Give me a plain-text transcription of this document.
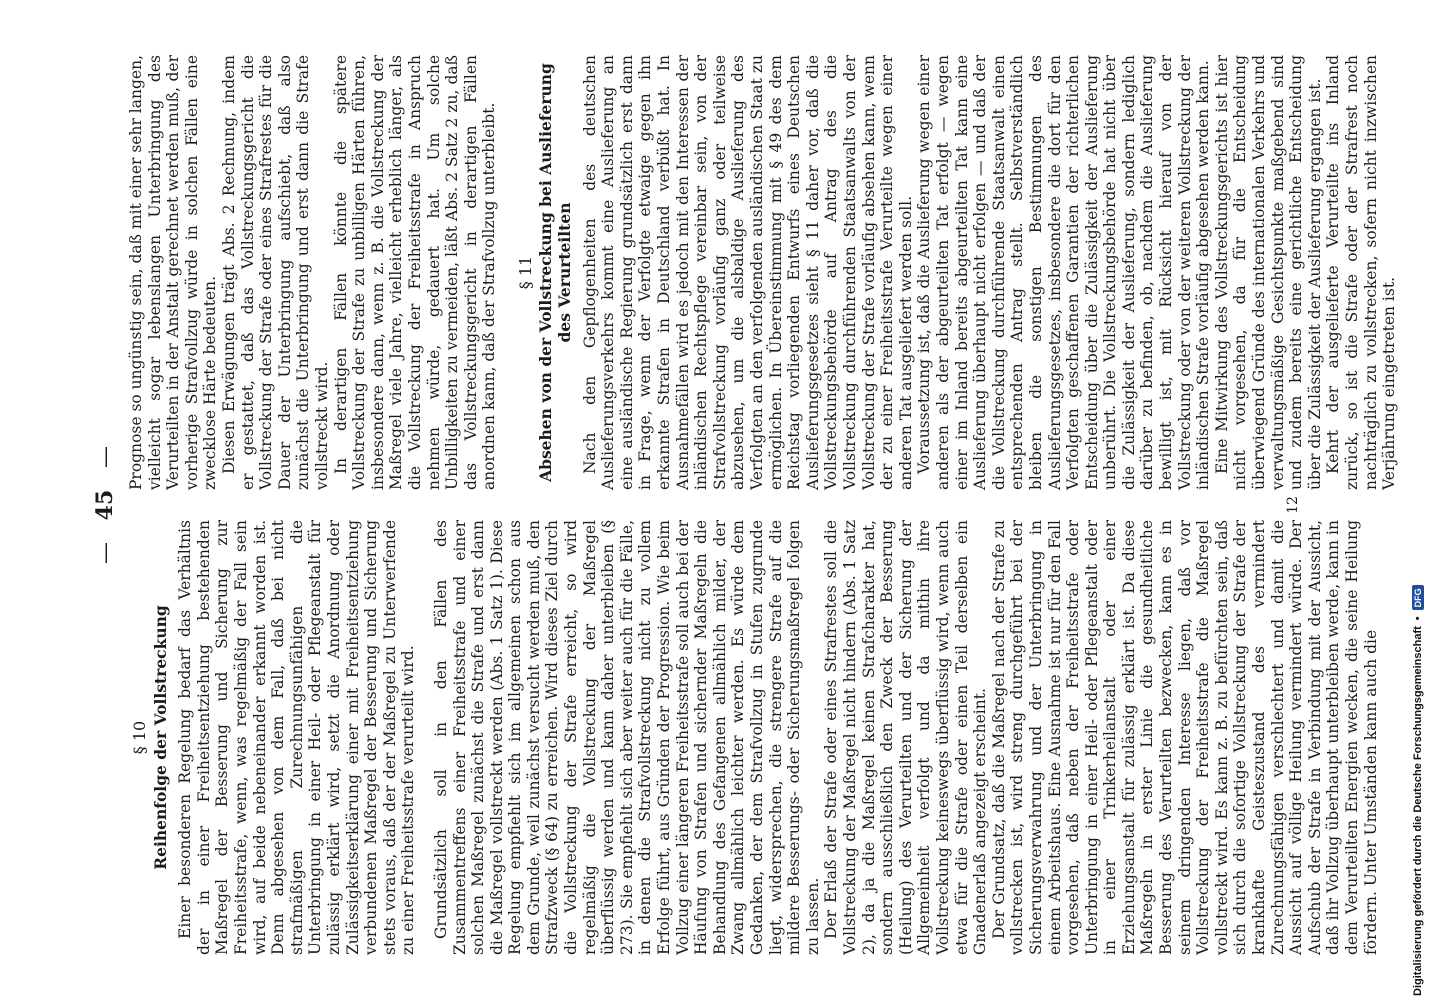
— 45 —
§ 10 Reihenfolge der Vollstreckung Einer besonderen Regelung bedarf das Verhältnis der in einer Freiheitsentziehung bestehenden Maßregel der Besserung und Sicherung zur Freiheitsstrafe, wenn, was regelmäßig der Fall sein wird, auf beide nebeneinander erkannt worden ist. Denn abgesehen von dem Fall, daß bei nicht strafmäßigen Zurechnungsunfähigen die Unterbringung in einer Heil- oder Pflegeanstalt für zulässig erklärt wird, setzt die Anordnung oder Zulässigkeitserklärung einer mit Freiheitsentziehung verbundenen Maßregel der Besserung und Sicherung stets voraus, daß der der Maßregel zu Unterwerfende zu einer Freiheitsstrafe verurteilt wird. Grundsätzlich soll in den Fällen des Zusammentreffens einer Freiheitsstrafe und einer solchen Maßregel zunächst die Strafe und erst dann die Maßregel vollstreckt werden (Abs. 1 Satz 1). Diese Regelung empfiehlt sich im allgemeinen schon aus dem Grunde, weil zunächst versucht werden muß, den Strafzweck (§ 64) zu erreichen. Wird dieses Ziel durch die Vollstreckung der Strafe erreicht, so wird regelmäßig die Vollstreckung der Maßregel überflüssig werden und kann daher unterbleiben (§ 273). Sie empfiehlt sich aber weiter auch für die Fälle, in denen die Strafvollstreckung nicht zu vollem Erfolge führt, aus Gründen der Progression. Wie beim Vollzug einer längeren Freiheitsstrafe soll auch bei der Häufung von Strafen und sichernder Maßregeln die Behandlung des Gefangenen allmählich milder, der Zwang allmählich leichter werden. Es würde dem Gedanken, der dem Strafvollzug in Stufen zugrunde liegt, widersprechen, die strengere Strafe auf die mildere Besserungs- oder Sicherungsmaßregel folgen zu lassen. Der Erlaß der Strafe oder eines Strafrestes soll die Vollstreckung der Maßregel nicht hindern (Abs. 1 Satz 2), da ja die Maßregel keinen Strafcharakter hat, sondern ausschließlich den Zweck der Besserung (Heilung) des Verurteilten und der Sicherung der Allgemeinheit verfolgt und da mithin ihre Vollstreckung keineswegs überflüssig wird, wenn auch etwa für die Strafe oder einen Teil derselben ein Gnadenerlaß angezeigt erscheint. Der Grundsatz, daß die Maßregel nach der Strafe zu vollstrecken ist, wird streng durchgeführt bei der Sicherungsverwahrung und der Unterbringung in einem Arbeitshaus. Eine Ausnahme ist nur für den Fall vorgesehen, daß neben der Freiheitsstrafe oder Unterbringung in einer Heil- oder Pflegeanstalt oder in einer Trinkerheilanstalt oder einer Erziehungsanstalt für zulässig erklärt ist. Da diese Maßregeln in erster Linie die gesundheitliche Besserung des Verurteilten bezwecken, kann es in seinem dringenden Interesse liegen, daß vor Vollstreckung der Freiheitsstrafe die Maßregel vollstreckt wird. Es kann z. B. zu befürchten sein, daß sich durch die sofortige Vollstreckung der Strafe der krankhafte Geisteszustand des vermindert Zurechnungsfähigen verschlechtert und damit die Aussicht auf völlige Heilung vermindert würde. Der Aufschub der Strafe in Verbindung mit der Aussicht, daß ihr Vollzug überhaupt unterbleiben werde, kann in dem Verurteilten Energien wecken, die seine Heilung fördern. Unter Umständen kann auch die

Prognose so ungünstig sein, daß mit einer sehr langen, vielleicht sogar lebenslangen Unterbringung des Verurteilten in der Anstalt gerechnet werden muß, der vorherige Strafvollzug würde in solchen Fällen eine zwecklose Härte bedeuten. Diesen Erwägungen trägt Abs. 2 Rechnung, indem er gestattet, daß das Vollstreckungsgericht die Vollstreckung der Strafe oder eines Strafrestes für die Dauer der Unterbringung aufschiebt, daß also zunächst die Unterbringung und erst dann die Strafe vollstreckt wird. In derartigen Fällen könnte die spätere Vollstreckung der Strafe zu unbilligen Härten führen, insbesondere dann, wenn z. B. die Vollstreckung der Maßregel viele Jahre, vielleicht erheblich länger, als die Vollstreckung der Freiheitsstrafe in Anspruch nehmen würde, gedauert hat. Um solche Unbilligkeiten zu vermeiden, läßt Abs. 2 Satz 2 zu, daß das Vollstreckungsgericht in derartigen Fällen anordnen kann, daß der Strafvollzug unterbleibt. § 11 Absehen von der Vollstreckung bei Auslieferung des Verurteilten Nach den Gepflogenheiten des deutschen Auslieferungsverkehrs kommt eine Auslieferung an eine ausländische Regierung grundsätzlich erst dann in Frage, wenn der Verfolgte etwaige gegen ihn erkannte Strafen in Deutschland verbüßt hat. In Ausnahmefällen wird es jedoch mit den Interessen der inländischen Rechtspflege vereinbar sein, von der Strafvollstreckung vorläufig ganz oder teilweise abzusehen, um die alsbaldige Auslieferung des Verfolgten an den verfolgenden ausländischen Staat zu ermöglichen. In Übereinstimmung mit § 49 des dem Reichstag vorliegenden Entwurfs eines Deutschen Auslieferungsgesetzes sieht § 11 daher vor, daß die Vollstreckungsbehörde auf Antrag des die Vollstreckung durchführenden Staatsanwalts von der Vollstreckung der Strafe vorläufig absehen kann, wenn der zu einer Freiheitsstrafe Verurteilte wegen einer anderen Tat ausgeliefert werden soll. Voraussetzung ist, daß die Auslieferung wegen einer anderen als der abgeurteilten Tat erfolgt — wegen einer im Inland bereits abgeurteilten Tat kann eine Auslieferung überhaupt nicht erfolgen — und daß der die Vollstreckung durchführende Staatsanwalt einen entsprechenden Antrag stellt. Selbstverständlich bleiben die sonstigen Bestimmungen des Auslieferungsgesetzes, insbesondere die dort für den Verfolgten geschaffenen Garantien der richterlichen Entscheidung über die Zulässigkeit der Auslieferung unberührt. Die Vollstreckungsbehörde hat nicht über die Zulässigkeit der Auslieferung, sondern lediglich darüber zu befinden, ob, nachdem die Auslieferung bewilligt ist, mit Rücksicht hierauf von der Vollstreckung oder von der weiteren Vollstreckung der inländischen Strafe vorläufig abgesehen werden kann. Eine Mitwirkung des Vollstreckungsgerichts ist hier nicht vorgesehen, da für die Entscheidung überwiegend Gründe des internationalen Verkehrs und verwaltungsmäßige Gesichtspunkte maßgebend sind und zudem bereits eine gerichtliche Entscheidung über die Zulässigkeit der Auslieferung ergangen ist. Kehrt der ausgelieferte Verurteilte ins Inland zurück, so ist die Strafe oder der Strafrest noch nachträglich zu vollstrecken, sofern nicht inzwischen Verjährung eingetreten ist.

12
Digitalisierung gefördert durch die Deutsche Forschungsgemeinschaft
•
DFG
